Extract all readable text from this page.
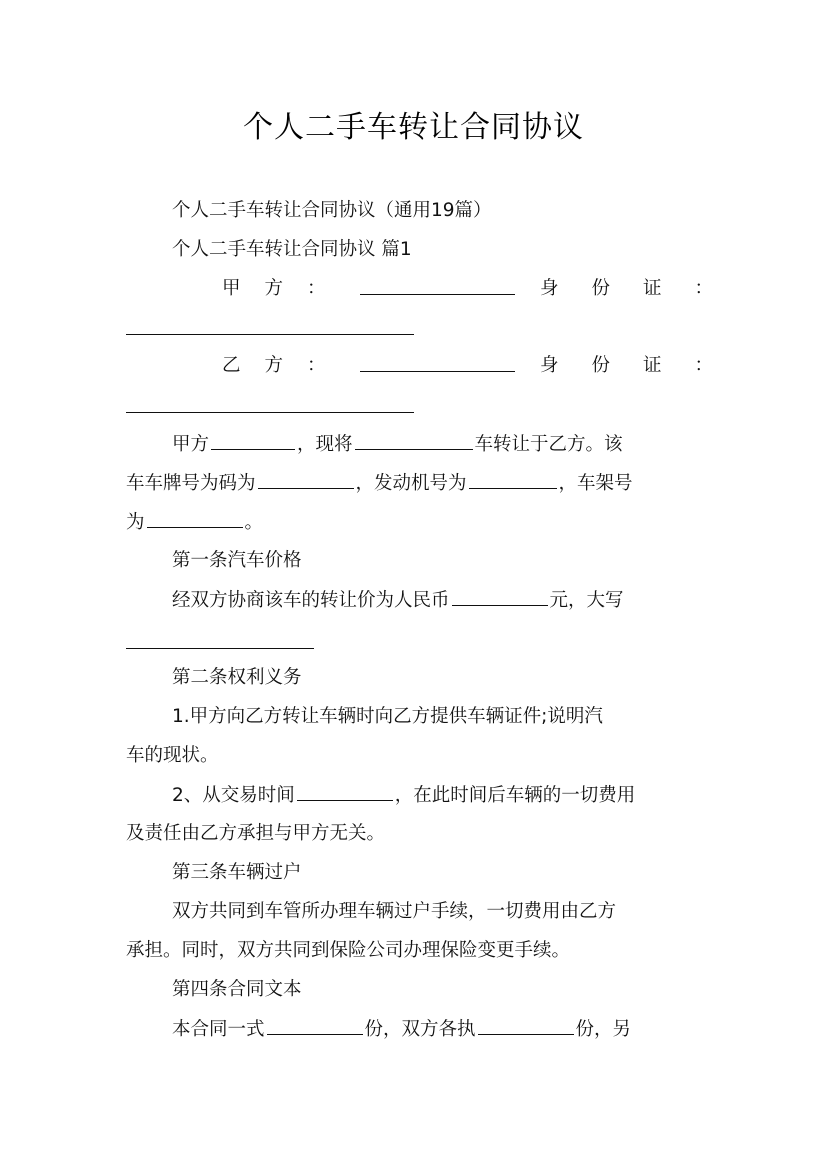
个人二手车转让合同协议
个人二手车转让合同协议（通用19篇）
个人二手车转让合同协议 篇1
甲方：	身份证：
乙方：	身份证：
甲方	，现将	车转让于乙方。该
车车牌号为码为	，发动机号为	，车架号
为	。
第一条汽车价格
经双方协商该车的转让价为人民币	元，大写
第二条权利义务
1.甲方向乙方转让车辆时向乙方提供车辆证件;说明汽
车的现状。
2、从交易时间	，在此时间后车辆的一切费用
及责任由乙方承担与甲方无关。
第三条车辆过户
双方共同到车管所办理车辆过户手续，一切费用由乙方
承担。同时，双方共同到保险公司办理保险变更手续。
第四条合同文本
本合同一式	份，双方各执	份，另
